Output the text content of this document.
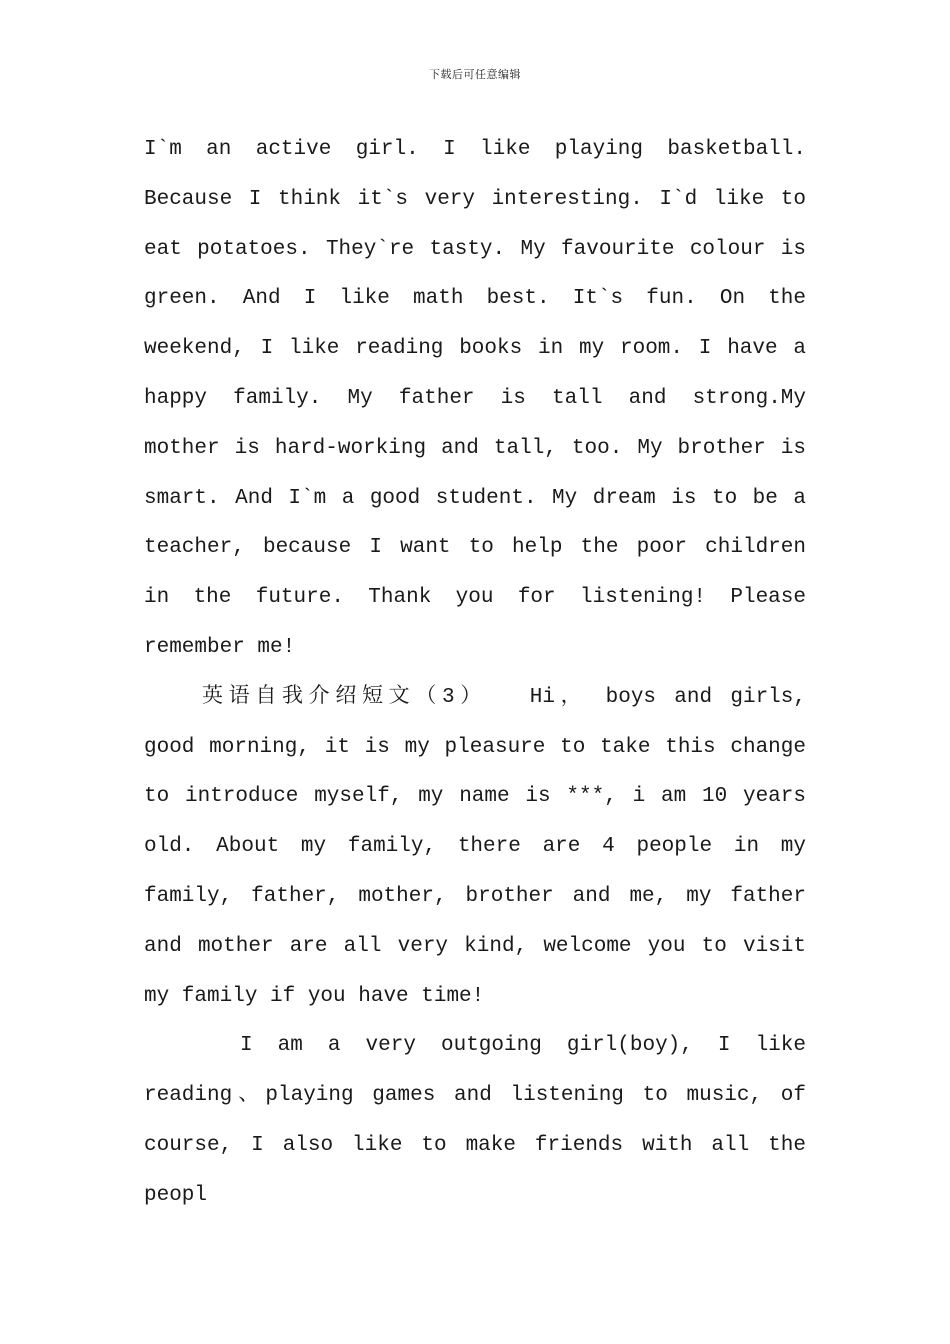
下载后可任意编辑
I`m an active girl. I like playing basketball.
Because I think it`s very interesting. I`d like to
eat potatoes. They`re tasty. My favourite colour is
green. And I like math best. It`s fun. On the
weekend, I like reading books in my room. I have a
happy family. My father is tall and strong.My
mother is hard-working and tall, too. My brother is
smart. And I`m a good student. My dream is to be a
teacher, because I want to help the poor children
in the future. Thank you for listening! Please
remember me!
英语自我介绍短文（3）　　Hi， boys and girls,
good morning, it is my pleasure to take this change
to introduce myself, my name is ***, i am 10 years
old. About my family, there are 4 people in my
family, father, mother, brother and me, my father
and mother are all very kind, welcome you to visit
my family if you have time!
I am a very outgoing girl(boy), I like
reading、playing games and listening to music, of
course, I also like to make friends with all the
peopl
